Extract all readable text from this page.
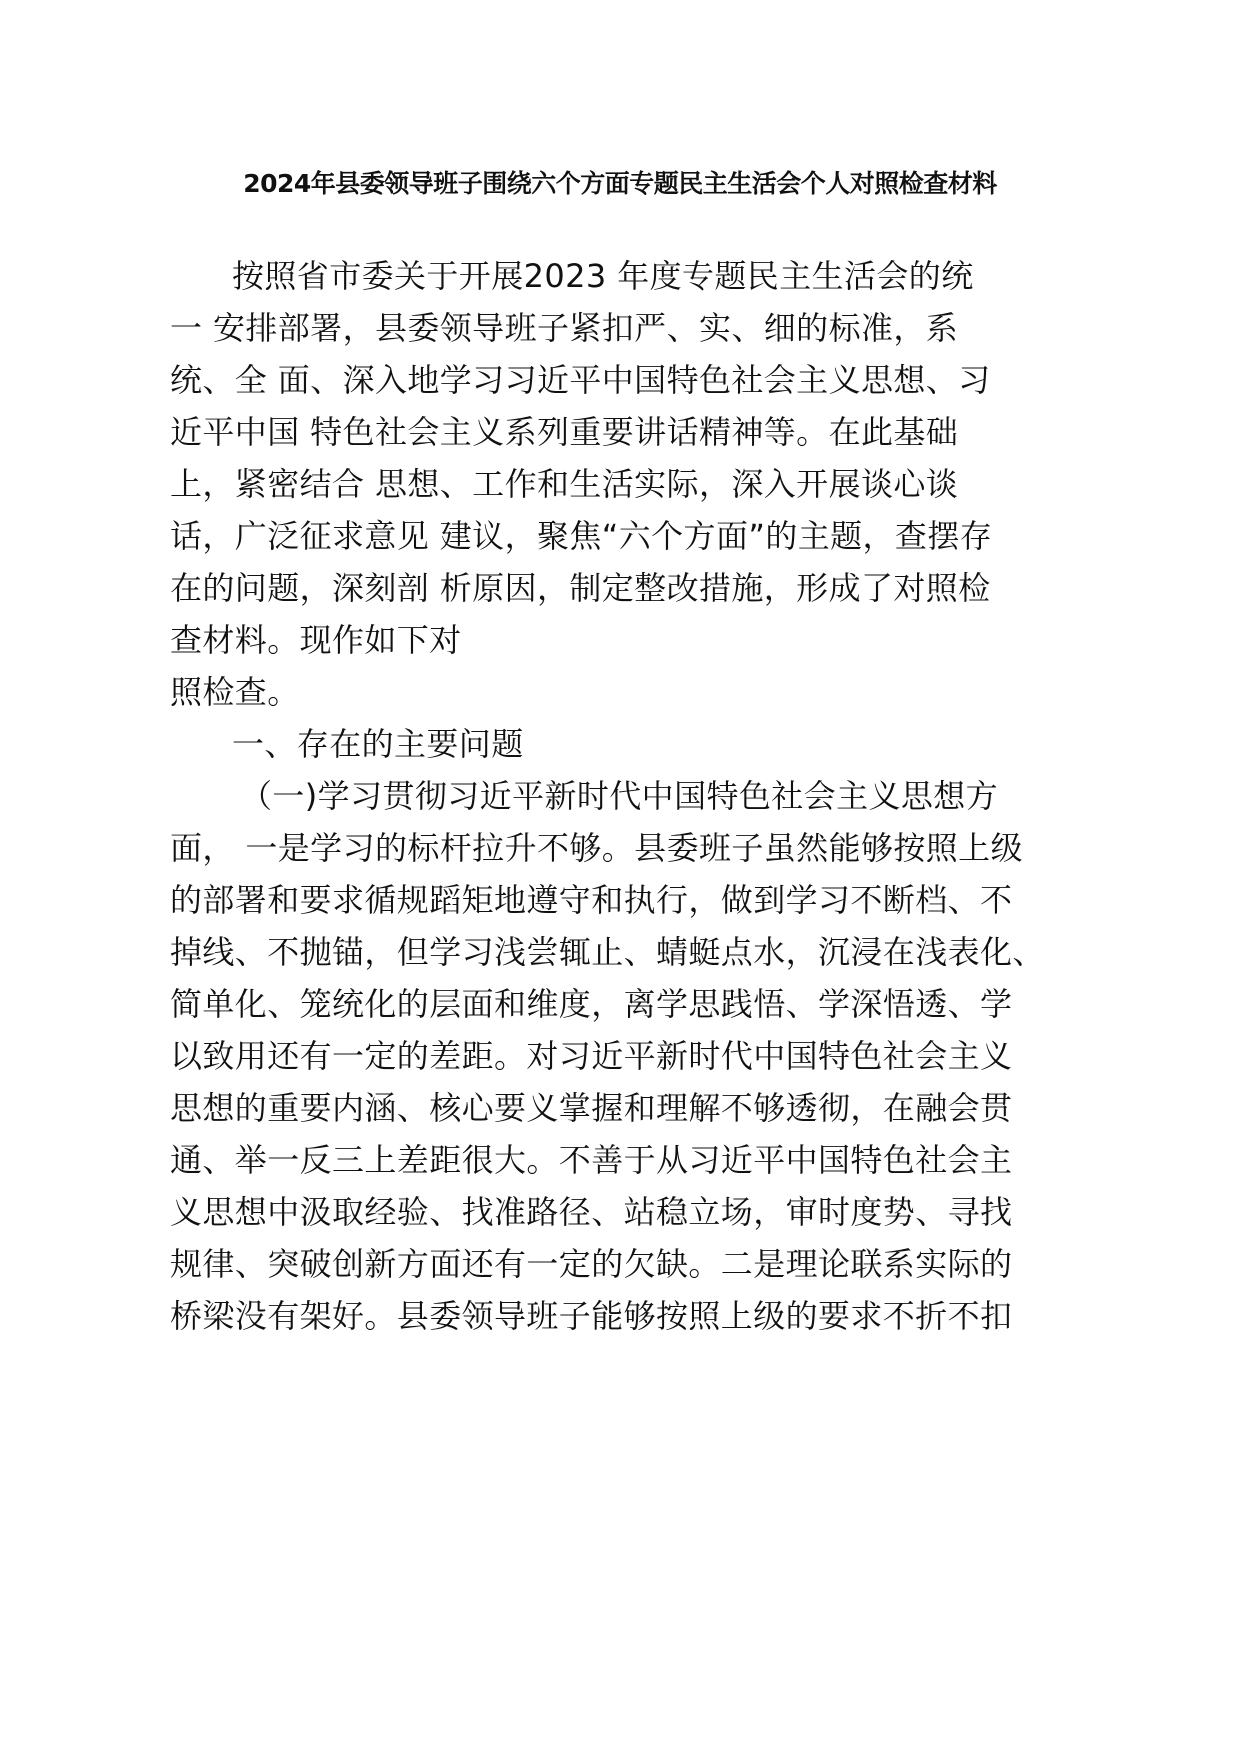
2024年县委领导班子围绕六个方面专题民主生活会个人对照检查材料
按照省市委关于开展2023 年度专题民主生活会的统
一 安排部署，县委领导班子紧扣严、实、细的标准，系
统、全 面、深入地学习习近平中国特色社会主义思想、习
近平中国 特色社会主义系列重要讲话精神等。在此基础
上，紧密结合 思想、工作和生活实际，深入开展谈心谈
话，广泛征求意见 建议，聚焦“六个方面”的主题，查摆存
在的问题，深刻剖 析原因，制定整改措施，形成了对照检
查材料。现作如下对
照检查。
一、存在的主要问题
（一)学习贯彻习近平新时代中国特色社会主义思想方
面， 一是学习的标杆拉升不够。县委班子虽然能够按照上级
的部署和要求循规蹈矩地遵守和执行，做到学习不断档、不
掉线、不抛锚，但学习浅尝辄止、蜻蜓点水，沉浸在浅表化、
简单化、笼统化的层面和维度，离学思践悟、学深悟透、学
以致用还有一定的差距。对习近平新时代中国特色社会主义
思想的重要内涵、核心要义掌握和理解不够透彻，在融会贯
通、举一反三上差距很大。不善于从习近平中国特色社会主
义思想中汲取经验、找准路径、站稳立场，审时度势、寻找
规律、突破创新方面还有一定的欠缺。二是理论联系实际的
桥梁没有架好。县委领导班子能够按照上级的要求不折不扣
